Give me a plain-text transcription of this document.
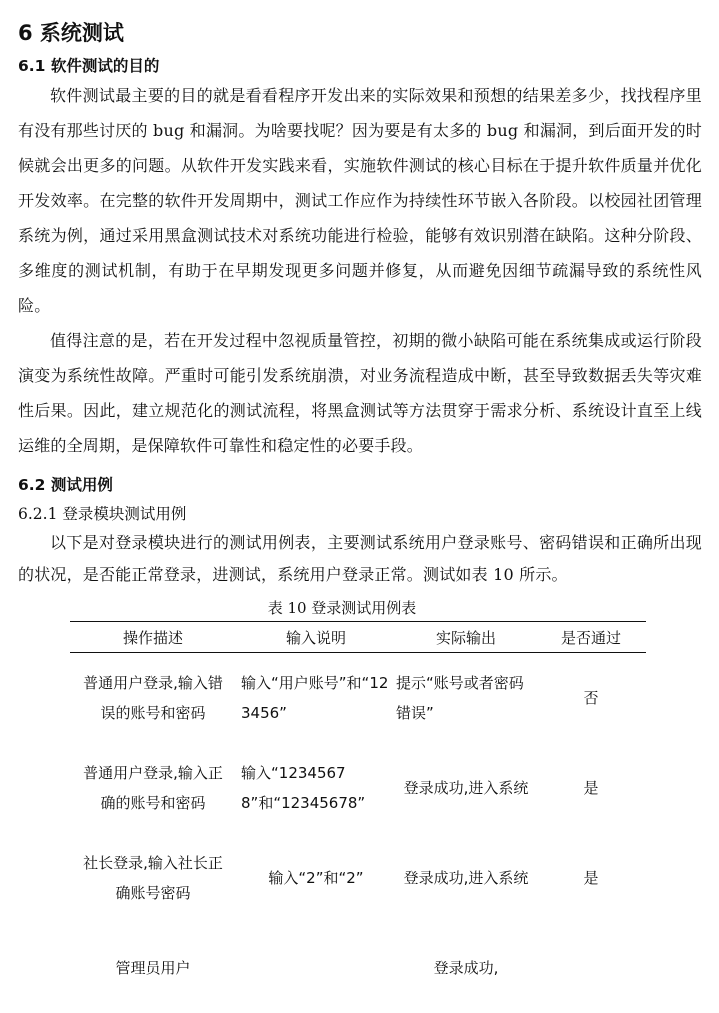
6 系统测试
6.1 软件测试的目的

软件测试最主要的目的就是看看程序开发出来的实际效果和预想的结果差多少，找找程序里有没有那些讨厌的 bug 和漏洞。为啥要找呢？因为要是有太多的 bug 和漏洞，到后面开发的时候就会出更多的问题。从软件开发实践来看，实施软件测试的核心目标在于提升软件质量并优化开发效率。在完整的软件开发周期中，测试工作应作为持续性环节嵌入各阶段。以校园社团管理系统为例，通过采用黑盒测试技术对系统功能进行检验，能够有效识别潜在缺陷。这种分阶段、多维度的测试机制，有助于在早期发现更多问题并修复，从而避免因细节疏漏导致的系统性风险。

值得注意的是，若在开发过程中忽视质量管控，初期的微小缺陷可能在系统集成或运行阶段演变为系统性故障。严重时可能引发系统崩溃，对业务流程造成中断，甚至导致数据丢失等灾难性后果。因此，建立规范化的测试流程，将黑盒测试等方法贯穿于需求分析、系统设计直至上线运维的全周期，是保障软件可靠性和稳定性的必要手段。

6.2 测试用例
6.2.1 登录模块测试用例

以下是对登录模块进行的测试用例表，主要测试系统用户登录账号、密码错误和正确所出现的状况，是否能正常登录，进测试，系统用户登录正常。测试如表 10 所示。

表 10 登录测试用例表
操作描述	输入说明	实际输出	是否通过
普通用户登录,输入错误的账号和密码	输入“用户账号”和“123456”	提示“账号或者密码错误”	否
普通用户登录,输入正确的账号和密码	输入“12345678”和“12345678”	登录成功,进入系统	是
社长登录,输入社长正确账号密码	输入“2”和“2”	登录成功,进入系统	是
管理员用户		登录成功,	
